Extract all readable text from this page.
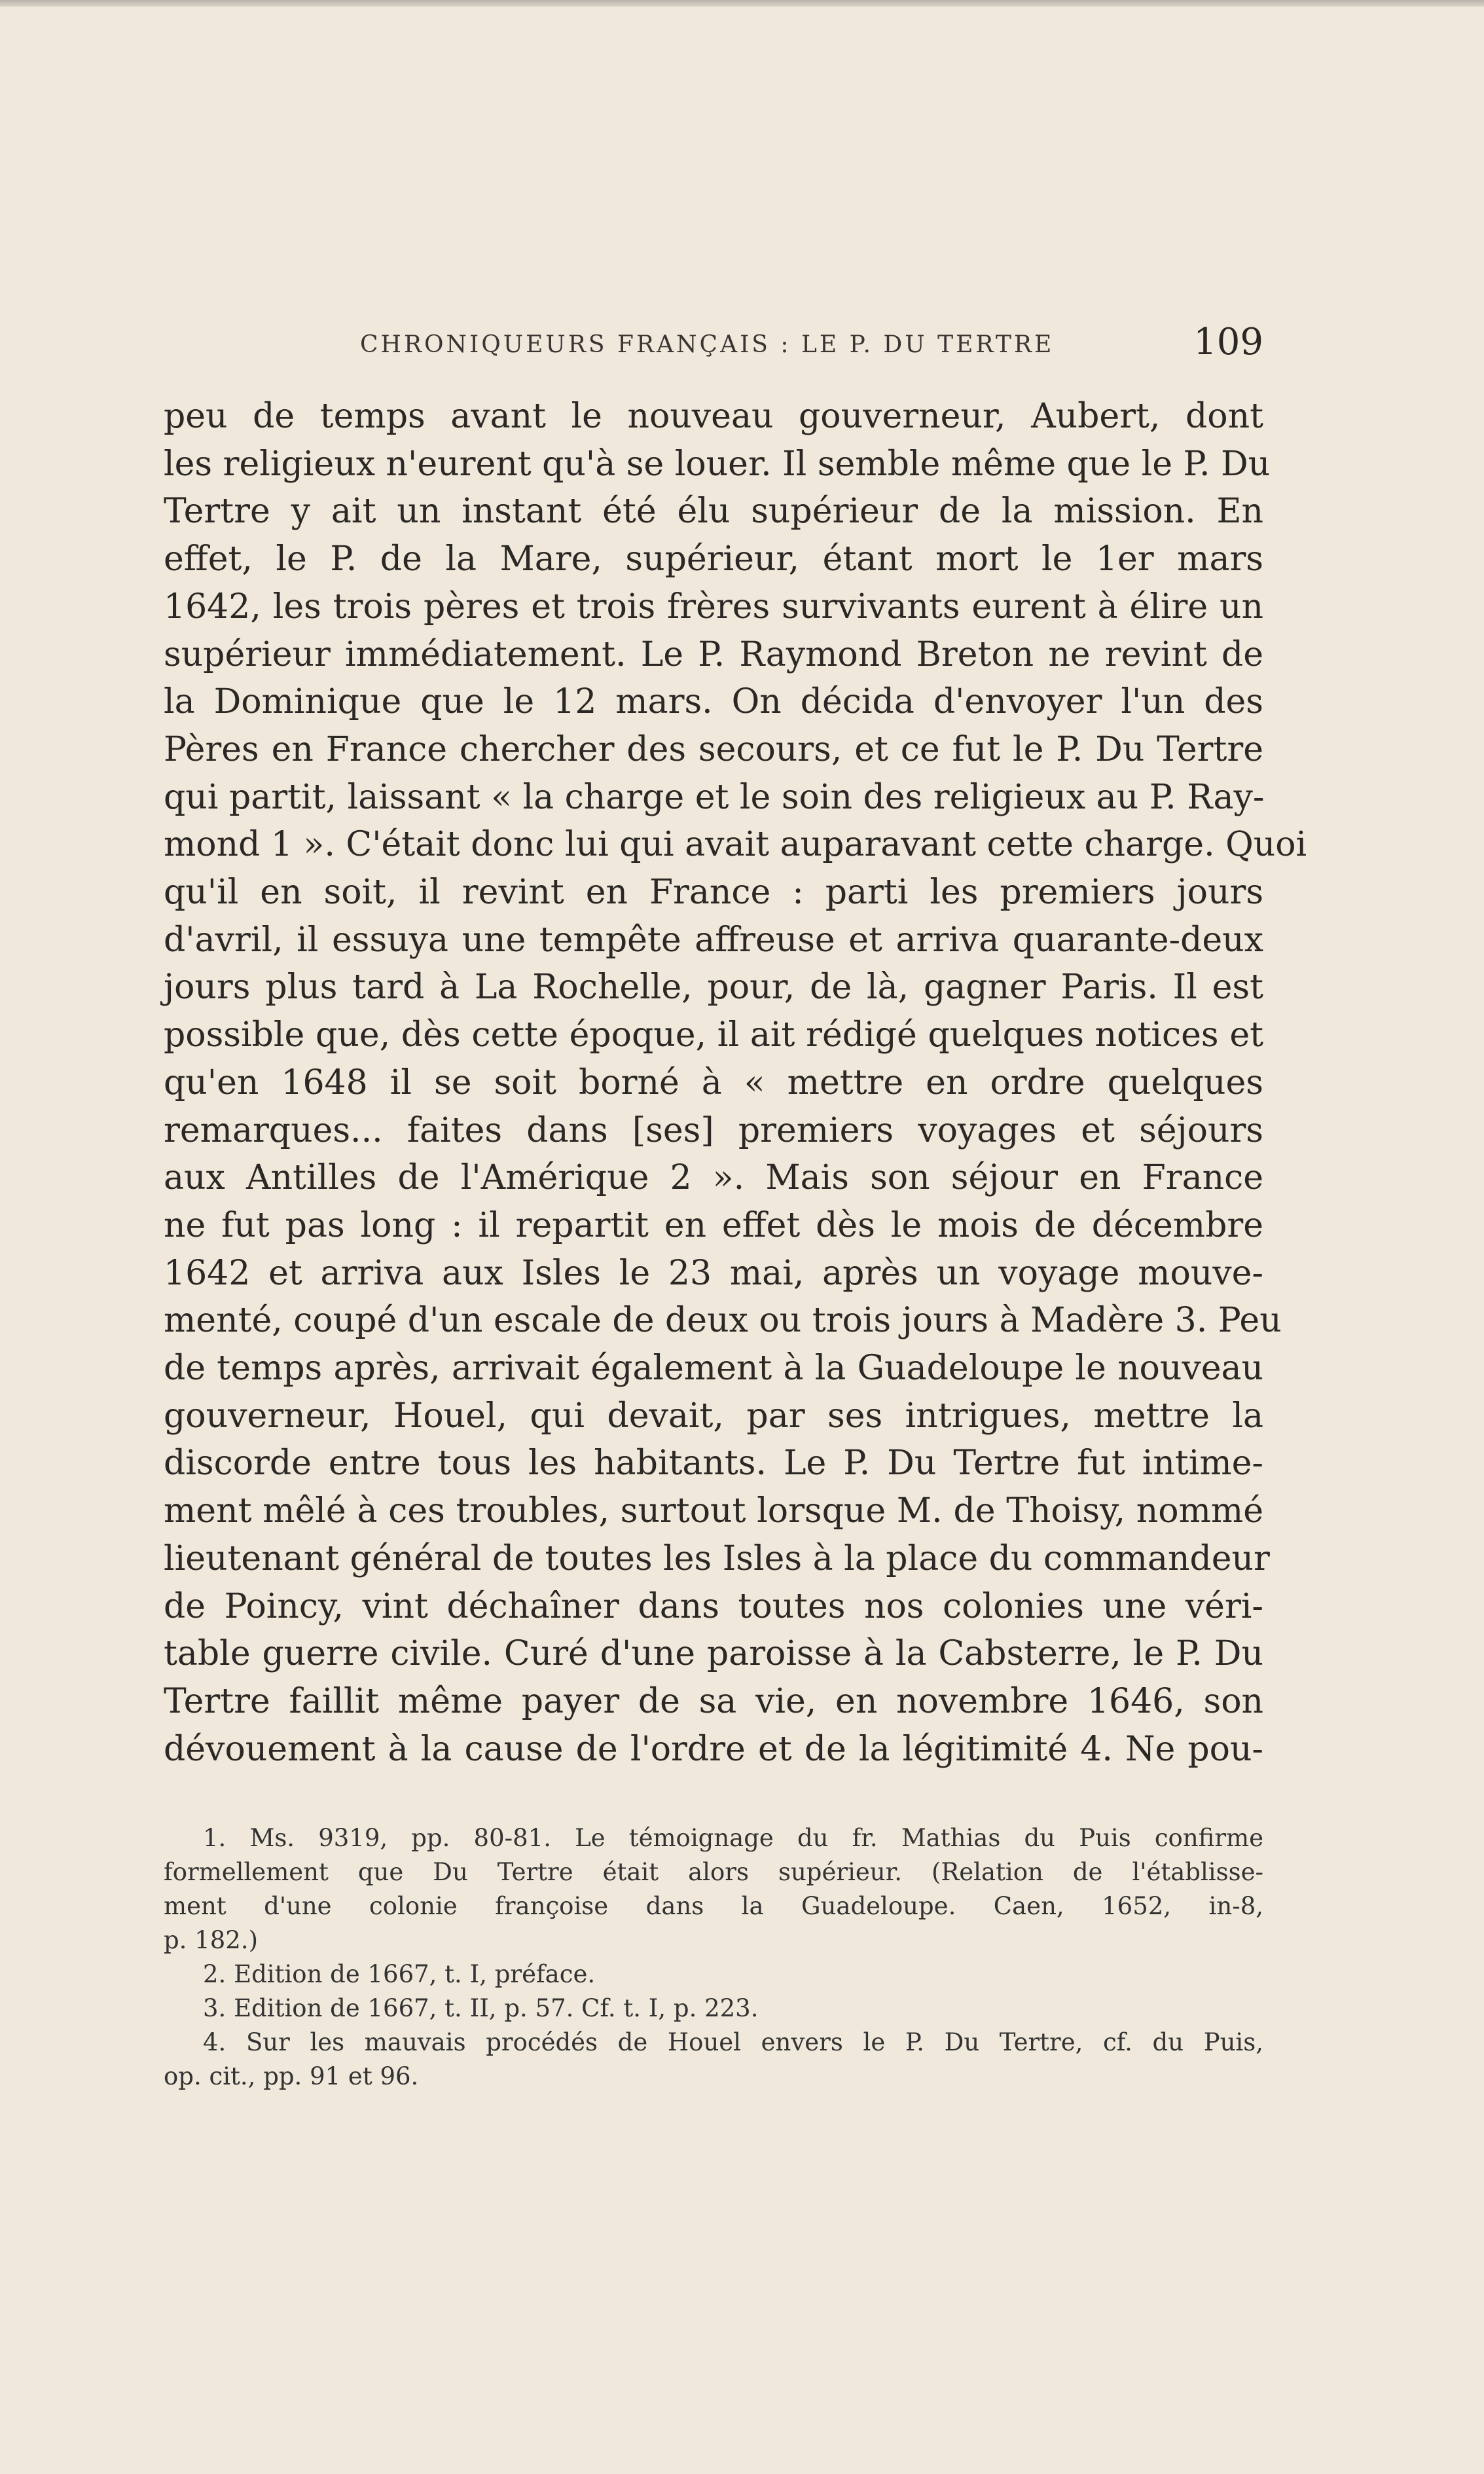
CHRONIQUEURS FRANÇAIS : LE P. DU TERTRE	109

peu de temps avant le nouveau gouverneur, Aubert, dont

les religieux n'eurent qu'à se louer. Il semble même que le P. Du

Tertre y ait un instant été élu supérieur de la mission. En

effet, le P. de la Mare, supérieur, étant mort le 1er mars

1642, les trois pères et trois frères survivants eurent à élire un

supérieur immédiatement. Le P. Raymond Breton ne revint de

la Dominique que le 12 mars. On décida d'envoyer l'un des

Pères en France chercher des secours, et ce fut le P. Du Tertre

qui partit, laissant « la charge et le soin des religieux au P. Ray-

mond 1 ». C'était donc lui qui avait auparavant cette charge. Quoi

qu'il en soit, il revint en France : parti les premiers jours

d'avril, il essuya une tempête affreuse et arriva quarante-deux

jours plus tard à La Rochelle, pour, de là, gagner Paris. Il est

possible que, dès cette époque, il ait rédigé quelques notices et

qu'en 1648 il se soit borné à « mettre en ordre quelques

remarques... faites dans [ses] premiers voyages et séjours

aux Antilles de l'Amérique 2 ». Mais son séjour en France

ne fut pas long : il repartit en effet dès le mois de décembre

1642 et arriva aux Isles le 23 mai, après un voyage mouve-

menté, coupé d'un escale de deux ou trois jours à Madère 3. Peu

de temps après, arrivait également à la Guadeloupe le nouveau

gouverneur, Houel, qui devait, par ses intrigues, mettre la

discorde entre tous les habitants. Le P. Du Tertre fut intime-

ment mêlé à ces troubles, surtout lorsque M. de Thoisy, nommé

lieutenant général de toutes les Isles à la place du commandeur

de Poincy, vint déchaîner dans toutes nos colonies une véri-

table guerre civile. Curé d'une paroisse à la Cabsterre, le P. Du

Tertre faillit même payer de sa vie, en novembre 1646, son

dévouement à la cause de l'ordre et de la légitimité 4. Ne pou-

1. Ms. 9319, pp. 80-81. Le témoignage du fr. Mathias du Puis confirme

formellement que Du Tertre était alors supérieur. (Relation de l'établisse-

ment d'une colonie françoise dans la Guadeloupe. Caen, 1652, in-8,

p. 182.)

2. Edition de 1667, t. I, préface.

3. Edition de 1667, t. II, p. 57. Cf. t. I, p. 223.

4. Sur les mauvais procédés de Houel envers le P. Du Tertre, cf. du Puis,

op. cit., pp. 91 et 96.
